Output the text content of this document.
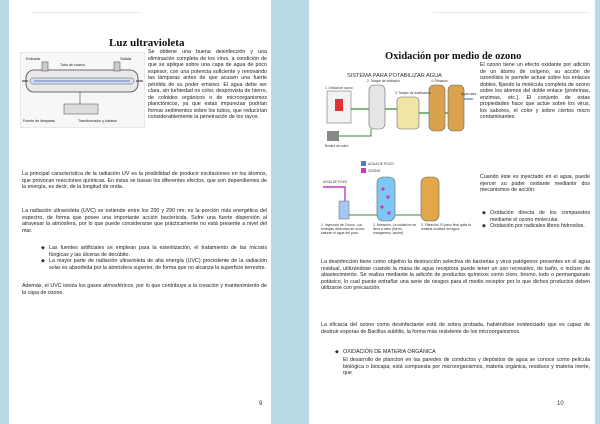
Luz ultravioleta
Entrada	Salida
Tubo de cuarzo
Fuente de lámparas	Transformador y balasto
Se obtiene una buena desinfección y una eliminación completa de los virus, a condición de que se aplique sobre una capa de agua de poco espesor, con una potencia suficiente y renovando las lámparas antes de que acusen una fuerte pérdida de su poder emisivo. El agua debe ser clara, sin turbiedad no color, desprovista de hierro, de coloides orgánicos o de microorganismos planctónicos, ya que estas impurezas podrían formar sedimentos sobre los tubos, que reducirían considerablemente la penetración de los rayos.
La principal característica de la radiación UV es la posibilidad de producir excitaciones en los átomos, que provocan reacciones químicas. En éstas se basan los diferentes efectos, que son dependientes de la energía, es decir, de la longitud de onda.
La radiación ultravioleta (UVC) se extiende entre los 200 y 290 nm; es la porción más energética del espectro, de forma que posee una importante acción bactericida. Sufre una fuerte dispersión al atravesar la atmósfera, por lo que puede considerarse que prácticamente no está presente a nivel del mar.
◆ Las fuentes artificiales se emplean para la esterilización, el tratamiento de las micosis fúngicas y las úlceras de decúbito.
◆ La mayor parte de radiación ultravioleta de alta energía (UVC) procedente de la radiación solar es absorbida por la atmósfera superior, de forma que no alcanza la superficie terrestre.
Además, el UVC ioniza los gases atmosféricos, por lo que contribuye a la creación y mantenimiento de la capa de ozono.
9
Oxidación por medio de ozono
SISTEMA PARA POTABILIZAR AGUA
1. Unidad de ozono
2. Tanque de oxidación
3. Tanque de dosificación
4. Filtración
Agua clara
Bomba de cobre
AGUA DE POZO
OZONO
AGUA DE POZO
1. Inyección de Ozono. Los burbujas diminutas de ozono saturan el agua del pozo.
2. Aireación. La oxidación se lleva a cabo (hierro, manganeso, azufre).
3. Filtración. El paso final quita la materia oxidada del agua.
El ozono tiene un efecto oxidante por adición de un átomo de oxígeno, su acción de ozonólisis le permite actuar sobre los enlaces dobles, fijando la molécula completa de ozono sobre los átomos del doble enlace (proteínas, enzimas, etc.). El conjunto de estas propiedades hace que actúe sobre los virus, los sabores, el color y sobre ciertos micro contaminantes.
Cuando éste es inyectado en el agua, puede ejercer su poder oxidante mediante dos mecanismos de acción:
◆ Oxidación directa de los compuestos mediante el ozono molecular.
◆ Oxidación por radicales libres hidroxilos.
La desinfección tiene como objetivo la destrucción selectiva de bacterias y virus patógenos presentes en el agua residual, utilizándose cuando la masa de agua receptora puede tener un uso recreativo, de baño, o incluso de abastecimiento. Se realiza mediante la adición de productos químicos como cloro, bromo, iodo o permanganato potásico, lo cual puede entrañar una serie de riesgos para el medio receptor por lo que dichos productos deben utilizarse con precaución.
La eficacia del ozono como desinfectante está de sobra probada, habiéndose evidenciado que es capaz de destruir esporas de Bacillus subtilis, la forma más resistente de los microorganismos.
◆ OXIDACIÓN DE MATERIA ORGÁNICA
El desarrollo de plancton en las paredes de conductos y depósitos de agua se conoce como película biológica o biocapa; está compuesta por microorganismos, materia orgánica, residuos y materia inerte, que
10
